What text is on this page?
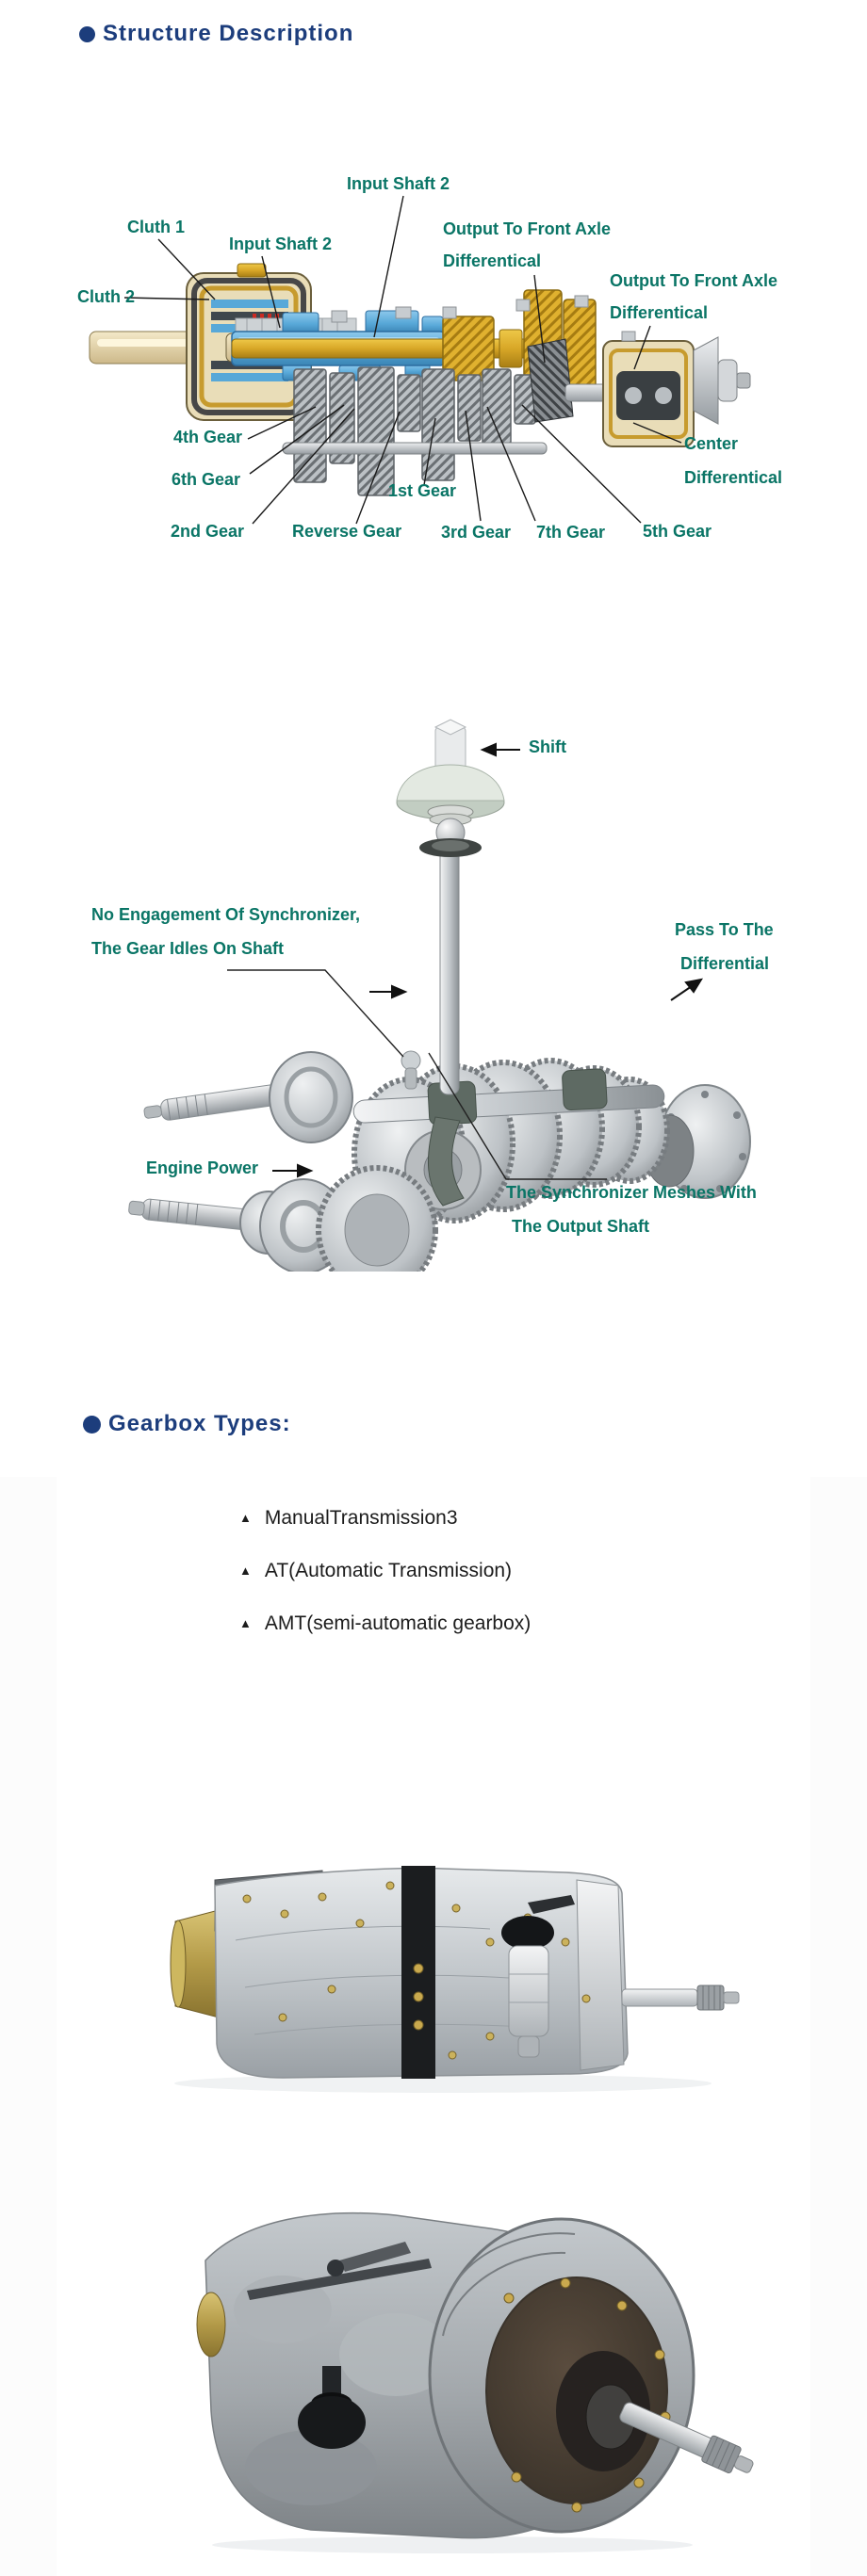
Structure Description
Input Shaft 2
Cluth 1
Input Shaft 2
Output To Front Axle
Differentical
Cluth 2
Output To Front Axle
Differentical
4th Gear
6th Gear
1st Gear
2nd Gear	Reverse Gear 3rd Gear 7th Gear 5th Gear
Center
Differentical
Shift
No Engagement Of Synchronizer,
The Gear Idles On Shaft
Pass To The
Differential
Engine Power
The Synchronizer Meshes With
The Output Shaft
Gearbox Types:
▲ ManualTransmission3
▲ AT(Automatic Transmission)
▲ AMT(semi-automatic gearbox)
